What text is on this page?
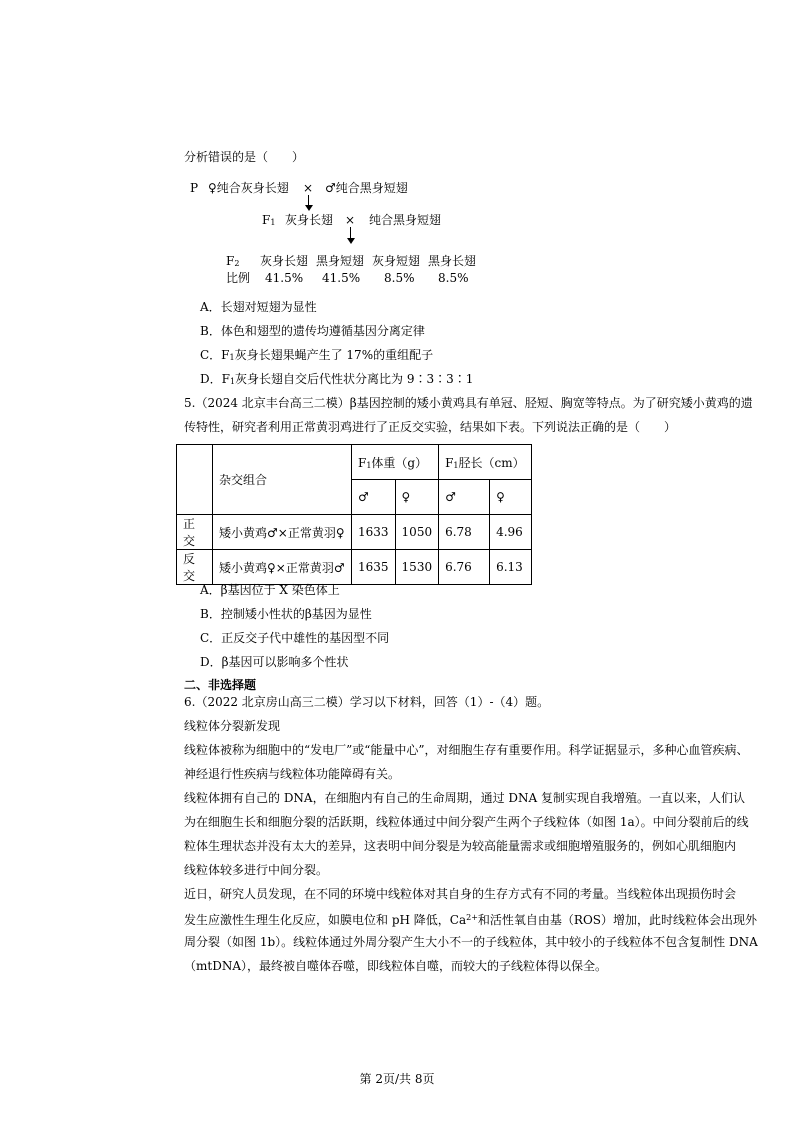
分析错误的是（　　）
P ♀纯合灰身长翅 × ♂纯合黑身短翅
F1 灰身长翅 × 纯合黑身短翅
F2 灰身长翅 黑身短翅 灰身短翅 黑身长翅
比例 41.5% 41.5% 8.5% 8.5%
A．长翅对短翅为显性
B．体色和翅型的遗传均遵循基因分离定律
C．F1灰身长翅果蝇产生了 17%的重组配子
D．F1灰身长翅自交后代性状分离比为 9∶3∶3∶1
5.（2024 北京丰台高三二模）β基因控制的矮小黄鸡具有单冠、胫短、胸宽等特点。为了研究矮小黄鸡的遗
传特性，研究者利用正常黄羽鸡进行了正反交实验，结果如下表。下列说法正确的是（　　）
	杂交组合	F1体重（g）		F1胫长（cm）	
		♂	♀	♂	♀
正交	矮小黄鸡♂×正常黄羽♀	1633	1050	6.78	4.96
反交	矮小黄鸡♀×正常黄羽♂	1635	1530	6.76	6.13
A．β基因位于 X 染色体上
B．控制矮小性状的β基因为显性
C．正反交子代中雄性的基因型不同
D．β基因可以影响多个性状
二、非选择题
6.（2022 北京房山高三二模）学习以下材料，回答（1）-（4）题。
线粒体分裂新发现
线粒体被称为细胞中的“发电厂”或“能量中心”，对细胞生存有重要作用。科学证据显示，多种心血管疾病、
神经退行性疾病与线粒体功能障碍有关。
线粒体拥有自己的 DNA，在细胞内有自己的生命周期，通过 DNA 复制实现自我增殖。一直以来，人们认
为在细胞生长和细胞分裂的活跃期，线粒体通过中间分裂产生两个子线粒体（如图 1a）。中间分裂前后的线
粒体生理状态并没有太大的差异，这表明中间分裂是为较高能量需求或细胞增殖服务的，例如心肌细胞内
线粒体较多进行中间分裂。
近日，研究人员发现，在不同的环境中线粒体对其自身的生存方式有不同的考量。当线粒体出现损伤时会
发生应激性生理生化反应，如膜电位和 pH 降低，$Ca^{2+}$和活性氧自由基（ROS）增加，此时线粒体会出现外
周分裂（如图 1b）。线粒体通过外周分裂产生大小不一的子线粒体，其中较小的子线粒体不包含复制性 DNA
（mtDNA），最终被自噬体吞噬，即线粒体自噬，而较大的子线粒体得以保全。
第 2页/共 8页
